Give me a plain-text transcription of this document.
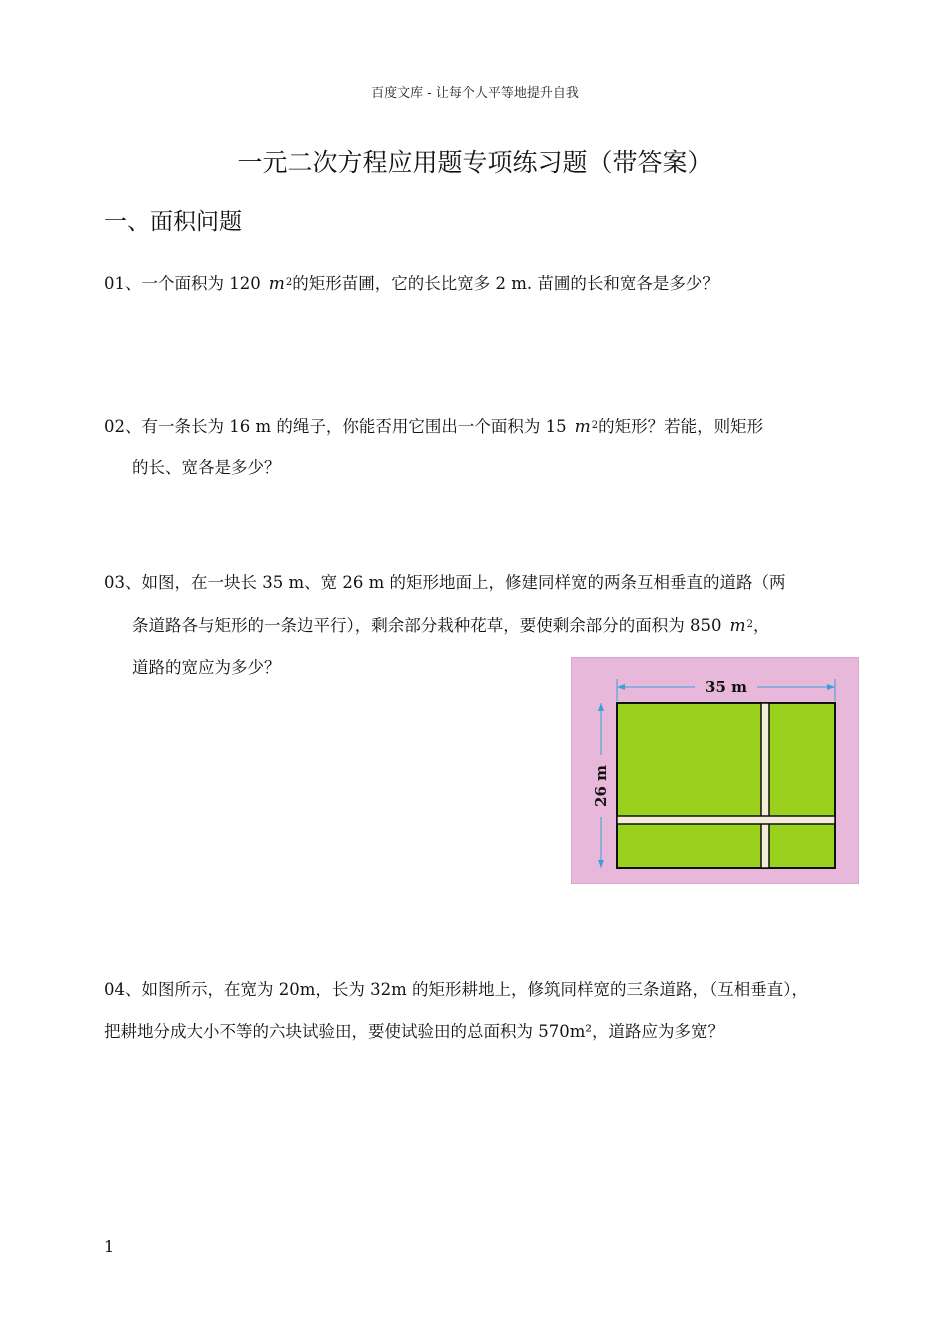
百度文库 - 让每个人平等地提升自我
一元二次方程应用题专项练习题（带答案）
一、面积问题
01、一个面积为 120 $m^2$的矩形苗圃，它的长比宽多 2 m. 苗圃的长和宽各是多少？
02、有一条长为 16 m 的绳子，你能否用它围出一个面积为 15 $m^2$的矩形？若能，则矩形
的长、宽各是多少？
03、如图，在一块长 35 m、宽 26 m 的矩形地面上，修建同样宽的两条互相垂直的道路（两
条道路各与矩形的一条边平行），剩余部分栽种花草，要使剩余部分的面积为 850 $m^2$，
道路的宽应为多少？
35 m
26 m
04、如图所示，在宽为 20m，长为 32m 的矩形耕地上，修筑同样宽的三条道路，（互相垂直），
把耕地分成大小不等的六块试验田，要使试验田的总面积为 570m²，道路应为多宽？
1
